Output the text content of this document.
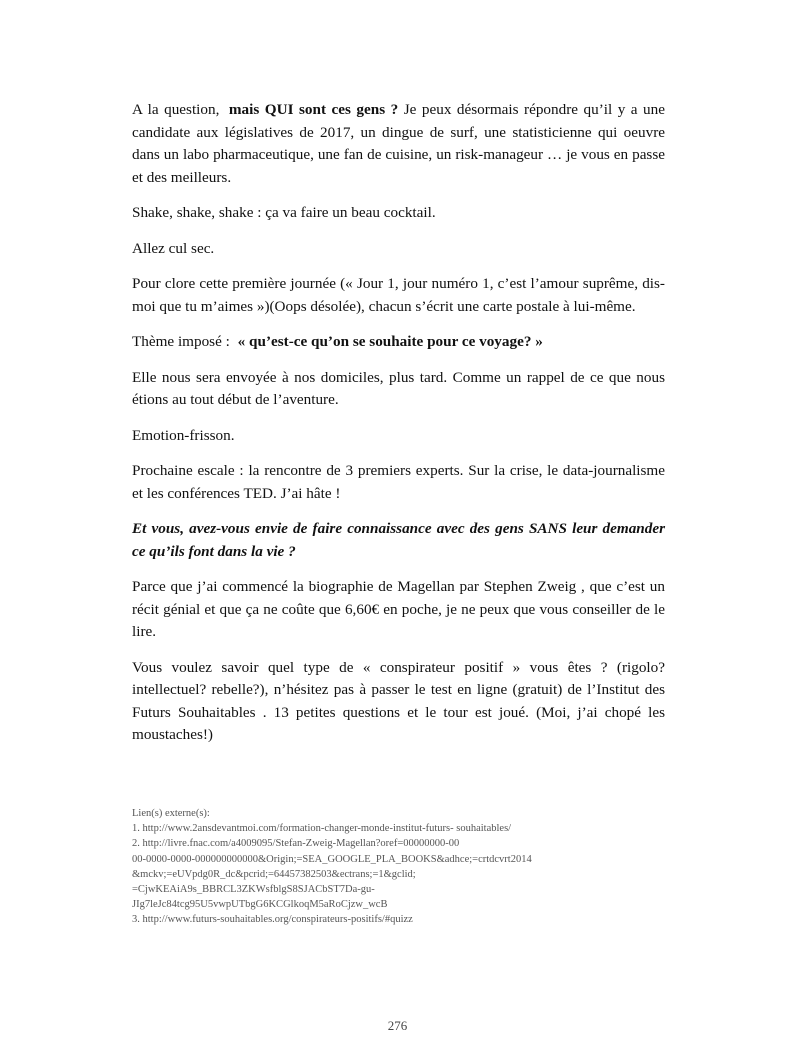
A la question, mais QUI sont ces gens ? Je peux désormais répondre qu’il y a une candidate aux législatives de 2017, un dingue de surf, une statisticienne qui oeuvre dans un labo pharmaceutique, une fan de cuisine, un risk-manageur … je vous en passe et des meilleurs.

Shake, shake, shake : ça va faire un beau cocktail.

Allez cul sec.

Pour clore cette première journée (« Jour 1, jour numéro 1, c’est l’amour suprême, dis-moi que tu m’aimes »)(Oops désolée), chacun s’écrit une carte postale à lui-même.

Thème imposé : « qu’est-ce qu’on se souhaite pour ce voyage? »

Elle nous sera envoyée à nos domiciles, plus tard. Comme un rappel de ce que nous étions au tout début de l’aventure.

Emotion-frisson.

Prochaine escale : la rencontre de 3 premiers experts. Sur la crise, le data-journalisme et les conférences TED. J’ai hâte !

Et vous, avez-vous envie de faire connaissance avec des gens SANS leur demander ce qu’ils font dans la vie ?

Parce que j’ai commencé la biographie de Magellan par Stephen Zweig , que c’est un récit génial et que ça ne coûte que 6,60€ en poche, je ne peux que vous conseiller de le lire.

Vous voulez savoir quel type de « conspirateur positif » vous êtes ? (rigolo? intellectuel? rebelle?), n’hésitez pas à passer le test en ligne (gratuit) de l’Institut des Futurs Souhaitables . 13 petites questions et le tour est joué. (Moi, j’ai chopé les moustaches!)

Lien(s) externe(s):
1. http://www.2ansdevantmoi.com/formation-changer-monde-institut-futurs- souhaitables/
2. http://livre.fnac.com/a4009095/Stefan-Zweig-Magellan?oref=00000000-00
00-0000-0000-000000000000&Origin;=SEA_GOOGLE_PLA_BOOKS&adhce;=crtdcvrt2014
&mckv;=eUVpdg0R_dc&pcrid;=64457382503&ectrans;=1&gclid;
=CjwKEAiA9s_BBRCL3ZKWsfblgS8SJACbST7Da-gu-
JIg7leJc84tcg95U5vwpUTbgG6KCGlkoqM5aRoCjzw_wcB
3. http://www.futurs-souhaitables.org/conspirateurs-positifs/#quizz
276
